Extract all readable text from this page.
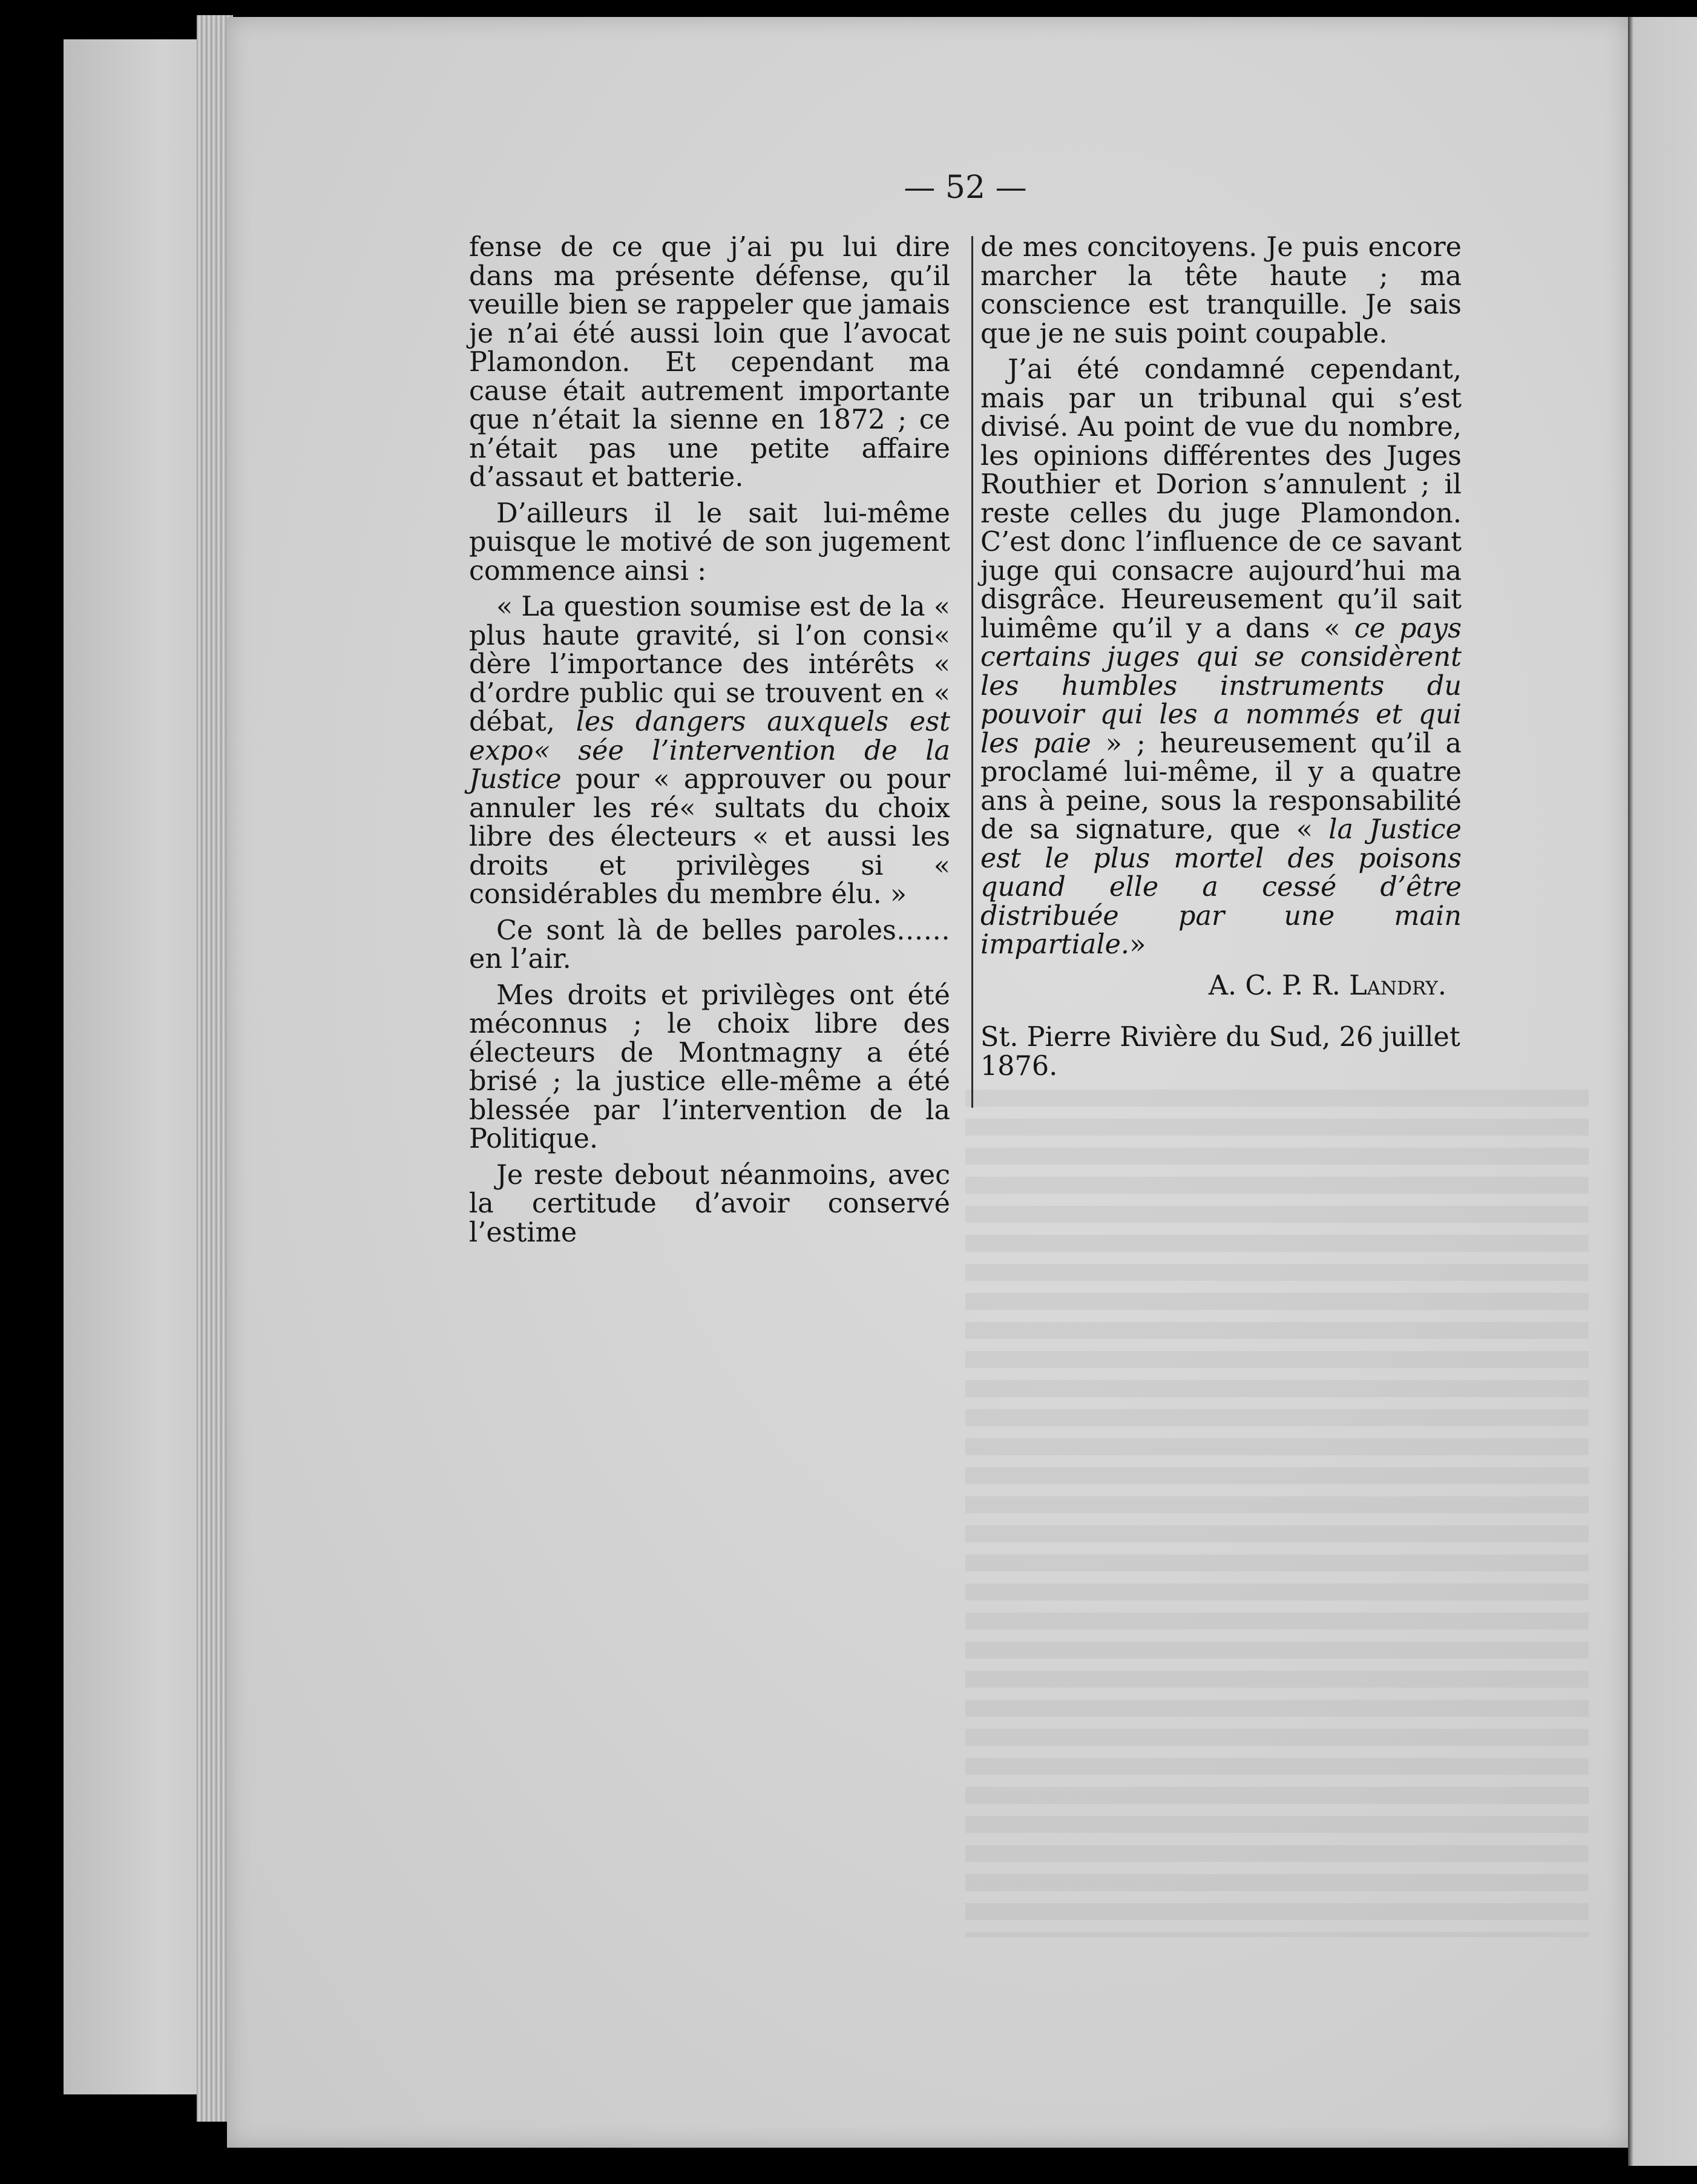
— 52 —

fense de ce que j’ai pu lui dire dans ma présente défense, qu’il veuille bien se rappeler que jamais je n’ai été aussi loin que l’avocat Plamondon. Et cependant ma cause était autrement importante que n’était la sienne en 1872 ; ce n’était pas une petite affaire d’assaut et batterie.

D’ailleurs il le sait lui-même puisque le motivé de son jugement commence ainsi :

« La question soumise est de la « plus haute gravité, si l’on consi« dère l’importance des intérêts « d’ordre public qui se trouvent en « débat, les dangers auxquels est expo« sée l’intervention de la Justice pour « approuver ou pour annuler les ré« sultats du choix libre des électeurs « et aussi les droits et privilèges si « considérables du membre élu. »

Ce sont là de belles paroles……en l’air.

Mes droits et privilèges ont été méconnus ; le choix libre des électeurs de Montmagny a été brisé ; la justice elle-même a été blessée par l’intervention de la Politique.

Je reste debout néanmoins, avec la certitude d’avoir conservé l’estime

de mes concitoyens. Je puis encore marcher la tête haute ; ma conscience est tranquille. Je sais que je ne suis point coupable.

J’ai été condamné cependant, mais par un tribunal qui s’est divisé. Au point de vue du nombre, les opinions différentes des Juges Routhier et Dorion s’annulent ; il reste celles du juge Plamondon. C’est donc l’influence de ce savant juge qui consacre aujourd’hui ma disgrâce. Heureusement qu’il sait luimême qu’il y a dans « ce pays certains juges qui se considèrent les humbles instruments du pouvoir qui les a nommés et qui les paie » ; heureusement qu’il a proclamé lui-même, il y a quatre ans à peine, sous la responsabilité de sa signature, que « la Justice est le plus mortel des poisons quand elle a cessé d’être distribuée par une main impartiale.»

A. C. P. R. Landry.

St. Pierre Rivière du Sud, 26 juillet 1876.
